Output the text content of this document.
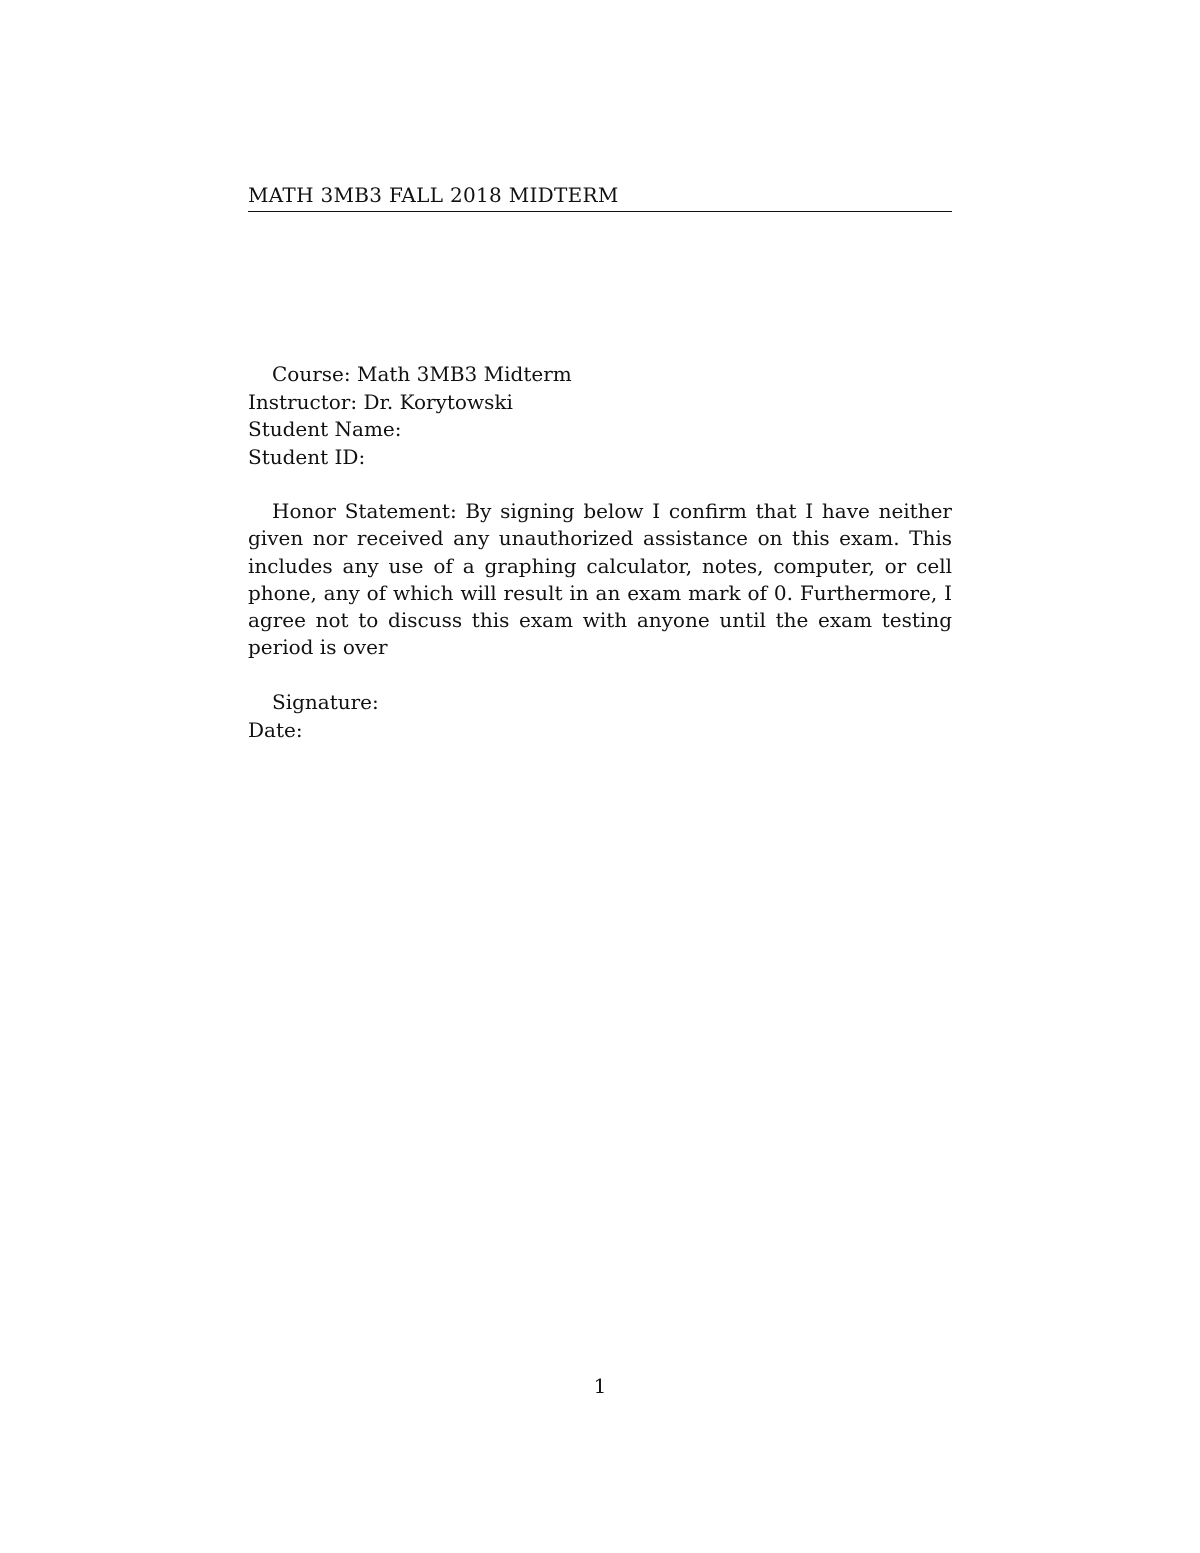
MATH 3MB3 FALL 2018 MIDTERM
Course: Math 3MB3 Midterm
Instructor: Dr. Korytowski
Student Name:
Student ID:

Honor Statement: By signing below I confirm that I have neither given nor received any unauthorized assistance on this exam. This includes any use of a graphing calculator, notes, computer, or cell phone, any of which will result in an exam mark of 0. Furthermore, I agree not to discuss this exam with anyone until the exam testing period is over

Signature:
Date:
1
